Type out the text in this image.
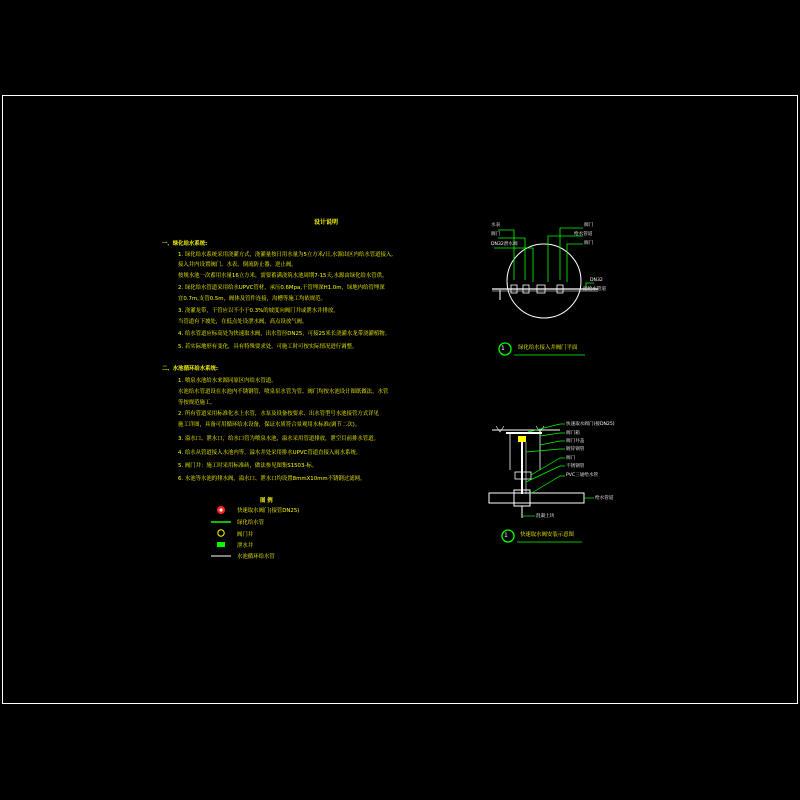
设计说明
一、绿化给水系统:
1. 绿化给水系统采用浇灌方式，浇灌量按日用水量为5立方米/日,水源由区内给水管道接入,
接入井内设置阀门、水表、倒流防止器、逆止阀。
按规水池一次蓄用水量16立方米，需要蓄满浇筑水池周期7-15天,水源由绿化给水管供。
2. 绿化给水管道采用给水UPVC管材，承压0.6Mpa,干管埋深H1.0m，绿地内给管埋深
宜0.7m,支管0.5m，阀体及管件连接，沟槽等施工均依规范。
3. 浇灌龙带，干管应以不小于0.3%的坡度向阀门井或泄水井排放。
当管道有下坡处，在低点处设泄水阀，高点设放气阀。
4. 给水管道应标高处为快速取水阀，出水管径DN25，可接25米长浇灌水龙带浇灌植物。
5. 若实际地形有变化，具有特殊要求处，可施工时可按实际情况进行调整。
二、水池循环给水系统:
1. 喷泉水池给水来源同原区内给水管道。
水池给水管道设在水池内不锈钢管，喷泉泵水管为管、阀门均按水池设计图纸做法，水管
等按规范施工。
2. 所有管道采用标准化水上水管，水泵及设备按要求、出水管型号水池接管方式详见
施工详图，具备可用循环给水设备，保证水质符合景观用水标准(调节二次)。
3. 溢水口、泄水口，给水口管为喷泉水池，溢水采用管道排放，泄空目前排水管道。
4. 给水从管道接入水池内等，溢水井处采用排水UPVC管道直接入雨水系统。
5. 阀门井：施工时采用标准砖，做法参见图集S1503-标。
6. 水池等水池的排水阀，溢水口、泄水口均设置8mmX10mm不锈钢过滤网。
图 例
快速取水阀门(接管DN25)
绿化给水管
阀门井
泄水井
水池循环给水管
水表
阀门
DN32泄水阀
阀门
给水管道
阀门
DN32
接给水管道
1 绿化给水接入井阀门平面
快速取水阀门(接DN25)
阀门箱
阀门井盖
镀锌钢管
阀门
不锈钢管
PVC三通给水管
给水管道
混凝土块
1 快速取水阀安装示意图
